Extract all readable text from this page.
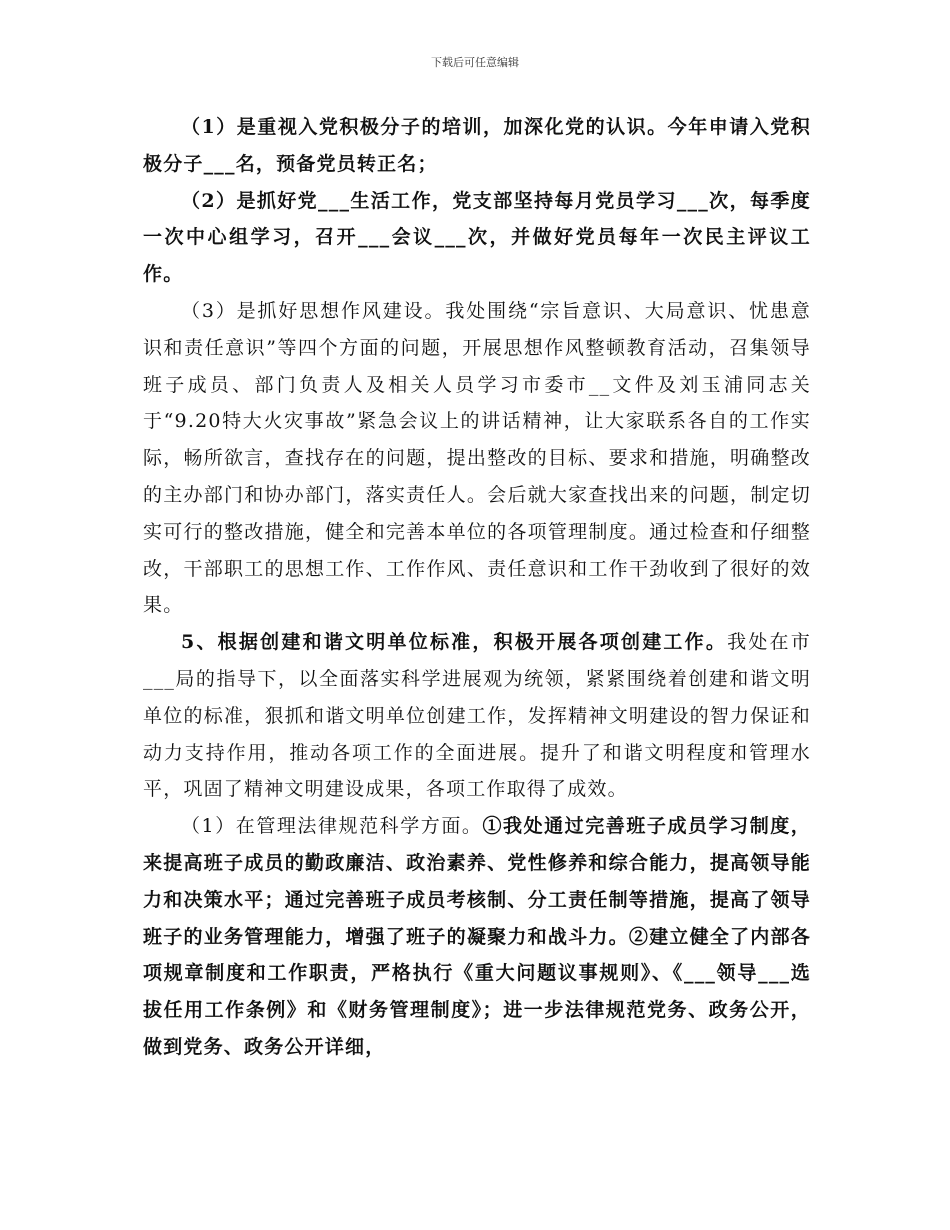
下载后可任意编辑

（1）是重视入党积极分子的培训，加深化党的认识。今年申请入党积极分子___名，预备党员转正名；

（2）是抓好党___生活工作，党支部坚持每月党员学习___次，每季度一次中心组学习，召开___会议___次，并做好党员每年一次民主评议工作。

（3）是抓好思想作风建设。我处围绕“宗旨意识、大局意识、忧患意识和责任意识”等四个方面的问题，开展思想作风整顿教育活动，召集领导班子成员、部门负责人及相关人员学习市委市__文件及刘玉浦同志关于“9.20特大火灾事故”紧急会议上的讲话精神，让大家联系各自的工作实际，畅所欲言，查找存在的问题，提出整改的目标、要求和措施，明确整改的主办部门和协办部门，落实责任人。会后就大家查找出来的问题，制定切实可行的整改措施，健全和完善本单位的各项管理制度。通过检查和仔细整改，干部职工的思想工作、工作作风、责任意识和工作干劲收到了很好的效果。

5、根据创建和谐文明单位标准，积极开展各项创建工作。我处在市___局的指导下，以全面落实科学进展观为统领，紧紧围绕着创建和谐文明单位的标准，狠抓和谐文明单位创建工作，发挥精神文明建设的智力保证和动力支持作用，推动各项工作的全面进展。提升了和谐文明程度和管理水平，巩固了精神文明建设成果，各项工作取得了成效。

（1）在管理法律规范科学方面。①我处通过完善班子成员学习制度，来提高班子成员的勤政廉洁、政治素养、党性修养和综合能力，提高领导能力和决策水平；通过完善班子成员考核制、分工责任制等措施，提高了领导班子的业务管理能力，增强了班子的凝聚力和战斗力。②建立健全了内部各项规章制度和工作职责，严格执行《重大问题议事规则》、《___领导___选拔任用工作条例》和《财务管理制度》；进一步法律规范党务、政务公开，做到党务、政务公开详细，
